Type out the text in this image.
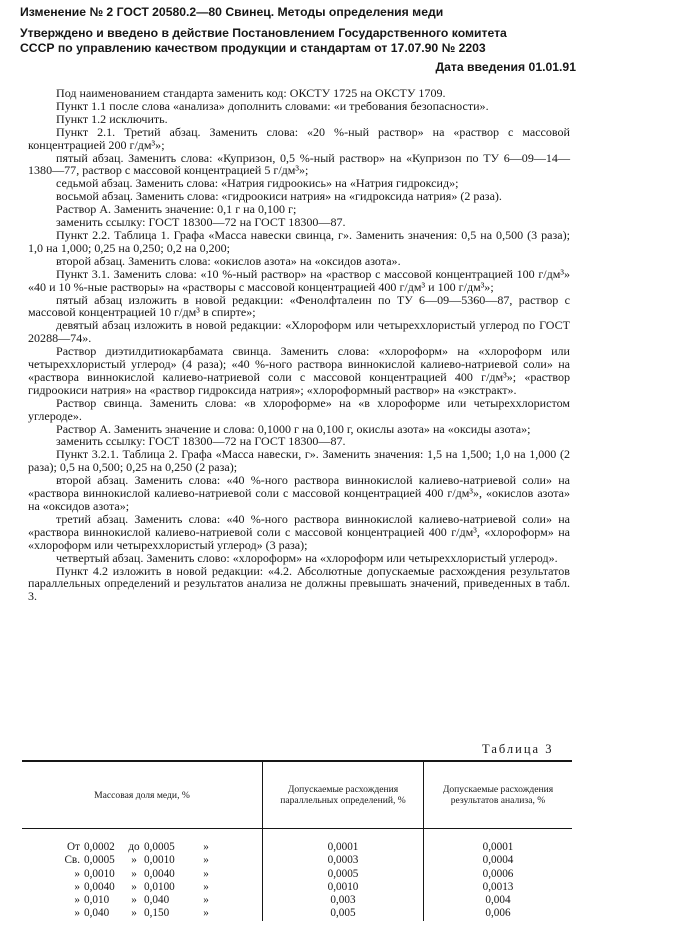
Изменение № 2 ГОСТ 20580.2—80 Свинец. Методы определения меди
Утверждено и введено в действие Постановлением Государственного комитета
СССР по управлению качеством продукции и стандартам от 17.07.90 № 2203
Дата введения 01.01.91

Под наименованием стандарта заменить код: ОКСТУ 1725 на ОКСТУ 1709.

Пункт 1.1 после слова «анализа» дополнить словами: «и требования безопасности».

Пункт 1.2 исключить.

Пункт 2.1. Третий абзац. Заменить слова: «20 %-ный раствор» на «раствор с массовой концентрацией 200 г/дм³»;

пятый абзац. Заменить слова: «Купризон, 0,5 %-ный раствор» на «Купризон по ТУ 6—09—14—1380—77, раствор с массовой концентрацией 5 г/дм³»;

седьмой абзац. Заменить слова: «Натрия гидроокись» на «Натрия гидроксид»;

восьмой абзац. Заменить слова: «гидроокиси натрия» на «гидроксида натрия» (2 раза).

Раствор А. Заменить значение: 0,1 г на 0,100 г;

заменить ссылку: ГОСТ 18300—72 на ГОСТ 18300—87.

Пункт 2.2. Таблица 1. Графа «Масса навески свинца, г». Заменить значения: 0,5 на 0,500 (3 раза); 1,0 на 1,000; 0,25 на 0,250; 0,2 на 0,200;

второй абзац. Заменить слова: «окислов азота» на «оксидов азота».

Пункт 3.1. Заменить слова: «10 %-ный раствор» на «раствор с массовой концентрацией 100 г/дм³» «40 и 10 %-ные растворы» на «растворы с массовой концентрацией 400 г/дм³ и 100 г/дм³»;

пятый абзац изложить в новой редакции: «Фенолфталеин по ТУ 6—09—5360—87, раствор с массовой концентрацией 10 г/дм³ в спирте»;

девятый абзац изложить в новой редакции: «Хлороформ или четыреххлористый углерод по ГОСТ 20288—74».

Раствор диэтилдитиокарбамата свинца. Заменить слова: «хлороформ» на «хлороформ или четыреххлористый углерод» (4 раза); «40 %-ного раствора виннокислой калиево-натриевой соли» на «раствора виннокислой калиево-натриевой соли с массовой концентрацией 400 г/дм³»; «раствор гидроокиси натрия» на «раствор гидроксида натрия»; «хлороформный раствор» на «экстракт».

Раствор свинца. Заменить слова: «в хлороформе» на «в хлороформе или четыреххлористом углероде».

Раствор А. Заменить значение и слова: 0,1000 г на 0,100 г, окислы азота» на «оксиды азота»;

заменить ссылку: ГОСТ 18300—72 на ГОСТ 18300—87.

Пункт 3.2.1. Таблица 2. Графа «Масса навески, г». Заменить значения: 1,5 на 1,500; 1,0 на 1,000 (2 раза); 0,5 на 0,500; 0,25 на 0,250 (2 раза);

второй абзац. Заменить слова: «40 %-ного раствора виннокислой калиево-натриевой соли» на «раствора виннокислой калиево-натриевой соли с массовой концентрацией 400 г/дм³», «окислов азота» на «оксидов азота»;

третий абзац. Заменить слова: «40 %-ного раствора виннокислой калиево-натриевой соли» на «раствора виннокислой калиево-натриевой соли с массовой концентрацией 400 г/дм³, «хлороформ» на «хлороформ или четыреххлористый углерод» (3 раза);

четвертый абзац. Заменить слово: «хлороформ» на «хлороформ или четыреххлористый углерод».

Пункт 4.2 изложить в новой редакции: «4.2. Абсолютные допускаемые расхождения результатов параллельных определений и результатов анализа не должны превышать значений, приведенных в табл. 3.

Таблица 3
Массовая доля меди, %	Допускаемые расхождения параллельных определений, %	Допускаемые расхождения результатов анализа, %

От 0,0002 до 0,0005 »	0,0001	0,0001

Св. 0,0005 » 0,0010 »	0,0003	0,0004

» 0,0010 » 0,0040 »	0,0005	0,0006

» 0,0040 » 0,0100 »	0,0010	0,0013

» 0,010 » 0,040 »	0,003	0,004

» 0,040 » 0,150 »	0,005	0,006
